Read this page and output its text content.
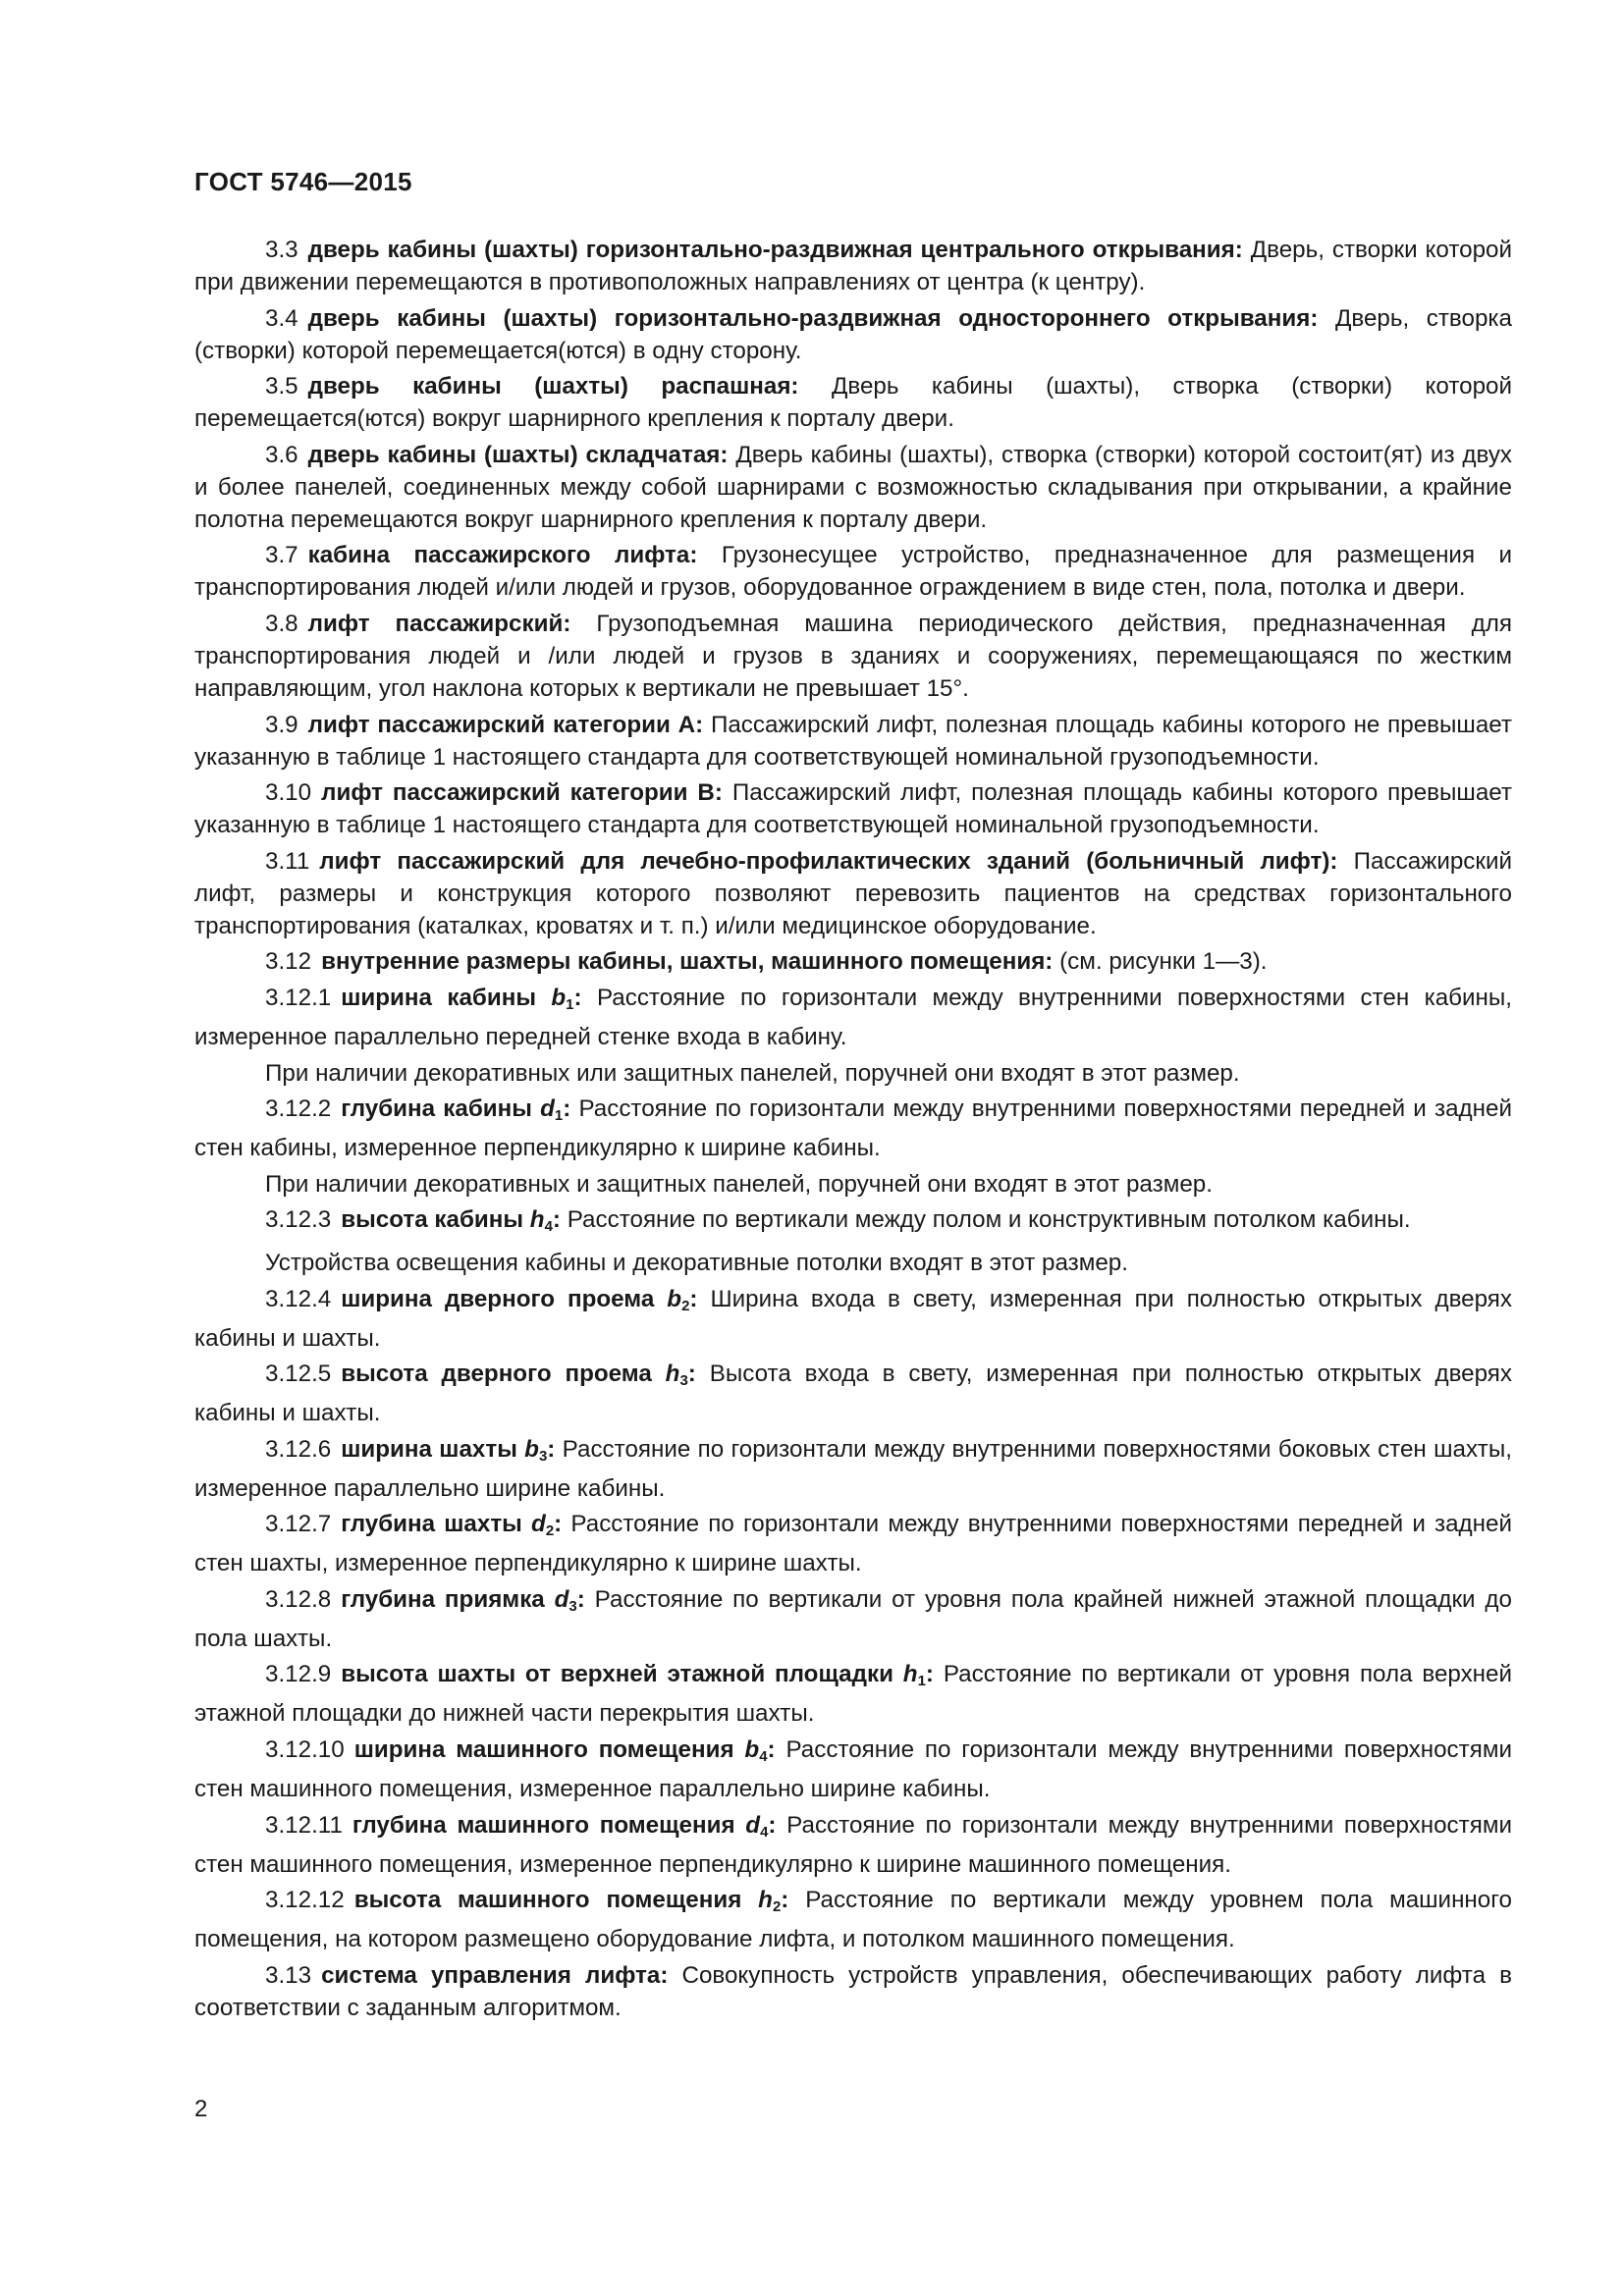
ГОСТ 5746—2015

3.3 дверь кабины (шахты) горизонтально-раздвижная центрального открывания: Дверь, створки которой при движении перемещаются в противоположных направлениях от центра (к центру).

3.4 дверь кабины (шахты) горизонтально-раздвижная одностороннего открывания: Дверь, створка (створки) которой перемещается(ются) в одну сторону.

3.5 дверь кабины (шахты) распашная: Дверь кабины (шахты), створка (створки) которой перемещается(ются) вокруг шарнирного крепления к порталу двери.

3.6 дверь кабины (шахты) складчатая: Дверь кабины (шахты), створка (створки) которой состоит(ят) из двух и более панелей, соединенных между собой шарнирами с возможностью складывания при открывании, а крайние полотна перемещаются вокруг шарнирного крепления к порталу двери.

3.7 кабина пассажирского лифта: Грузонесущее устройство, предназначенное для размещения и транспортирования людей и/или людей и грузов, оборудованное ограждением в виде стен, пола, потолка и двери.

3.8 лифт пассажирский: Грузоподъемная машина периодического действия, предназначенная для транспортирования людей и /или людей и грузов в зданиях и сооружениях, перемещающаяся по жестким направляющим, угол наклона которых к вертикали не превышает 15°.

3.9 лифт пассажирский категории А: Пассажирский лифт, полезная площадь кабины которого не превышает указанную в таблице 1 настоящего стандарта для соответствующей номинальной грузоподъемности.

3.10 лифт пассажирский категории В: Пассажирский лифт, полезная площадь кабины которого превышает указанную в таблице 1 настоящего стандарта для соответствующей номинальной грузоподъемности.

3.11 лифт пассажирский для лечебно-профилактических зданий (больничный лифт): Пассажирский лифт, размеры и конструкция которого позволяют перевозить пациентов на средствах горизонтального транспортирования (каталках, кроватях и т. п.) и/или медицинское оборудование.

3.12 внутренние размеры кабины, шахты, машинного помещения: (см. рисунки 1—3).

3.12.1 ширина кабины $b_1$: Расстояние по горизонтали между внутренними поверхностями стен кабины, измеренное параллельно передней стенке входа в кабину.

При наличии декоративных или защитных панелей, поручней они входят в этот размер.

3.12.2 глубина кабины $d_1$: Расстояние по горизонтали между внутренними поверхностями передней и задней стен кабины, измеренное перпендикулярно к ширине кабины.

При наличии декоративных и защитных панелей, поручней они входят в этот размер.

3.12.3 высота кабины $h_4$: Расстояние по вертикали между полом и конструктивным потолком кабины.

Устройства освещения кабины и декоративные потолки входят в этот размер.

3.12.4 ширина дверного проема $b_2$: Ширина входа в свету, измеренная при полностью открытых дверях кабины и шахты.

3.12.5 высота дверного проема $h_3$: Высота входа в свету, измеренная при полностью открытых дверях кабины и шахты.

3.12.6 ширина шахты $b_3$: Расстояние по горизонтали между внутренними поверхностями боковых стен шахты, измеренное параллельно ширине кабины.

3.12.7 глубина шахты $d_2$: Расстояние по горизонтали между внутренними поверхностями передней и задней стен шахты, измеренное перпендикулярно к ширине шахты.

3.12.8 глубина приямка $d_3$: Расстояние по вертикали от уровня пола крайней нижней этажной площадки до пола шахты.

3.12.9 высота шахты от верхней этажной площадки $h_1$: Расстояние по вертикали от уровня пола верхней этажной площадки до нижней части перекрытия шахты.

3.12.10 ширина машинного помещения $b_4$: Расстояние по горизонтали между внутренними поверхностями стен машинного помещения, измеренное параллельно ширине кабины.

3.12.11 глубина машинного помещения $d_4$: Расстояние по горизонтали между внутренними поверхностями стен машинного помещения, измеренное перпендикулярно к ширине машинного помещения.

3.12.12 высота машинного помещения $h_2$: Расстояние по вертикали между уровнем пола машинного помещения, на котором размещено оборудование лифта, и потолком машинного помещения.

3.13 система управления лифта: Совокупность устройств управления, обеспечивающих работу лифта в соответствии с заданным алгоритмом.

2
